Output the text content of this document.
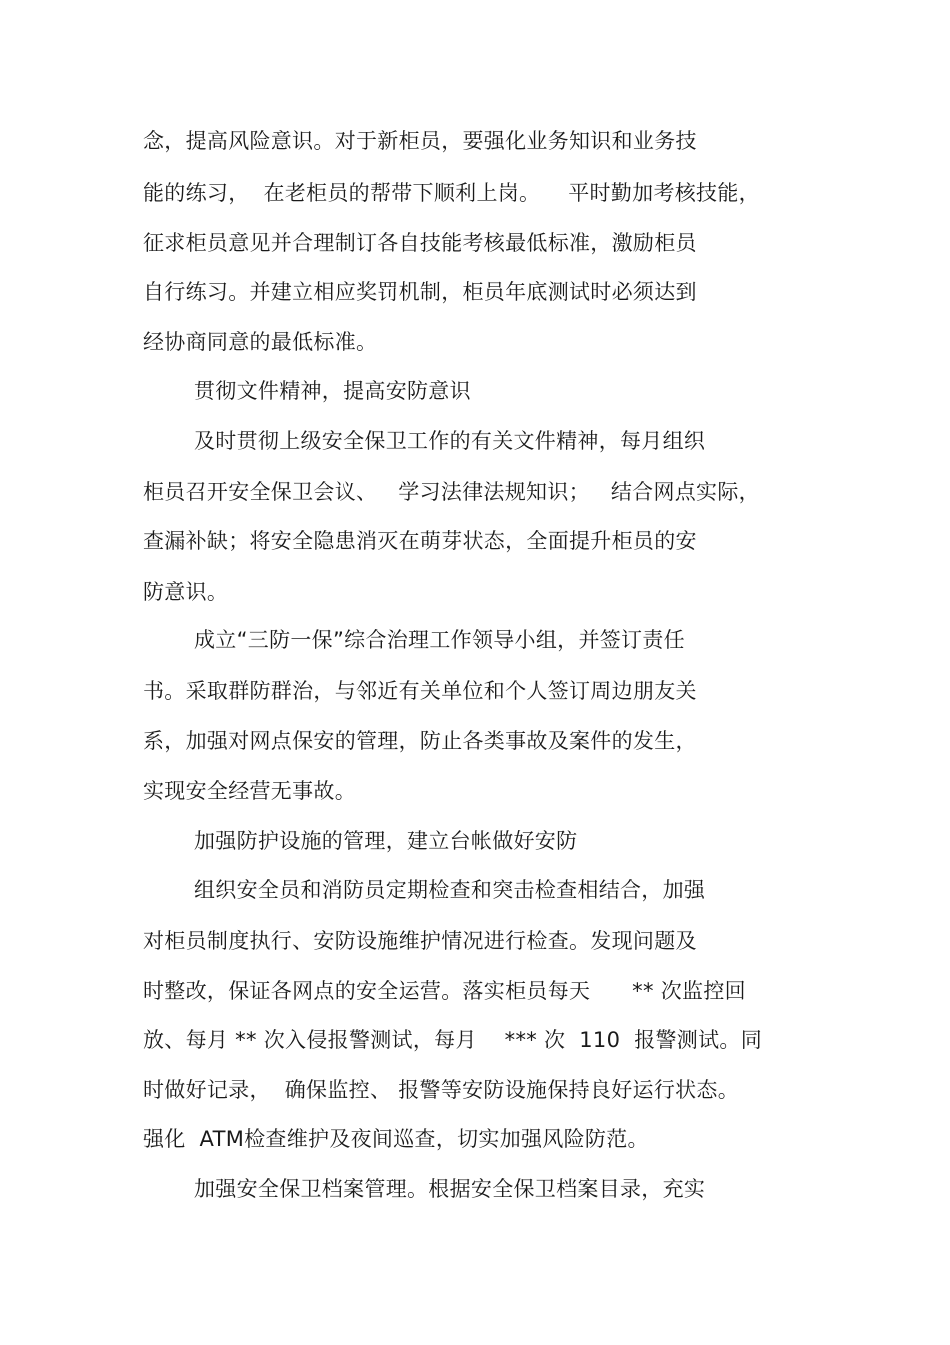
念，提高风险意识。对于新柜员，要强化业务知识和业务技
能的练习，  在老柜员的帮带下顺利上岗。    平时勤加考核技能，
征求柜员意见并合理制订各自技能考核最低标准，激励柜员
自行练习。并建立相应奖罚机制，柜员年底测试时必须达到
经协商同意的最低标准。
贯彻文件精神，提高安防意识
及时贯彻上级安全保卫工作的有关文件精神，每月组织
柜员召开安全保卫会议、   学习法律法规知识；   结合网点实际，
查漏补缺；将安全隐患消灭在萌芽状态，全面提升柜员的安
防意识。
成立“三防一保”综合治理工作领导小组，并签订责任
书。采取群防群治，与邻近有关单位和个人签订周边朋友关
系，加强对网点保安的管理，防止各类事故及案件的发生，
实现安全经营无事故。
加强防护设施的管理，建立台帐做好安防
组织安全员和消防员定期检查和突击检查相结合，加强
对柜员制度执行、安防设施维护情况进行检查。发现问题及
时整改，保证各网点的安全运营。落实柜员每天      ** 次监控回
放、每月 ** 次入侵报警测试，每月    *** 次  110  报警测试。同
时做好记录，  确保监控、 报警等安防设施保持良好运行状态。
强化  ATM检查维护及夜间巡查，切实加强风险防范。
加强安全保卫档案管理。根据安全保卫档案目录，充实
